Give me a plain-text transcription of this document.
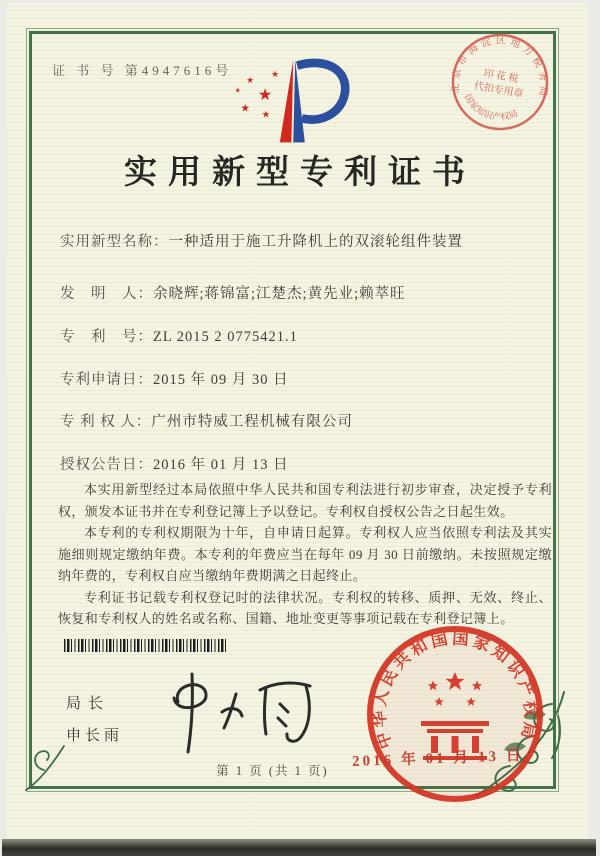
证 书 号 第4947616号
★
★
★
★
★
★	北京市海淀区地方税务局
国家知识产权局
印 花 税
代扣专用章
实用新型专利证书
实用新型名称：一种适用于施工升降机上的双滚轮组件装置
发　明　人：余晓辉;蒋锦富;江楚杰;黄先业;赖萃旺
专　利　号：ZL 2015 2 0775421.1
专利申请日：2015 年 09 月 30 日
专 利 权 人：广州市特威工程机械有限公司
授权公告日：2016 年 01 月 13 日

本实用新型经过本局依照中华人民共和国专利法进行初步审查，决定授予专利权，颁发本证书并在专利登记簿上予以登记。专利权自授权公告之日起生效。

本专利的专利权期限为十年，自申请日起算。专利权人应当依照专利法及其实施细则规定缴纳年费。本专利的年费应当在每年 09 月 30 日前缴纳。未按照规定缴纳年费的，专利权自应当缴纳年费期满之日起终止。

专利证书记载专利权登记时的法律状况。专利权的转移、质押、无效、终止、恢复和专利权人的姓名或名称、国籍、地址变更等事项记载在专利登记簿上。

局长
申长雨	中华人民共和国国家知识产权局
2016 年 01 月 13 日
第 1 页 (共 1 页)
